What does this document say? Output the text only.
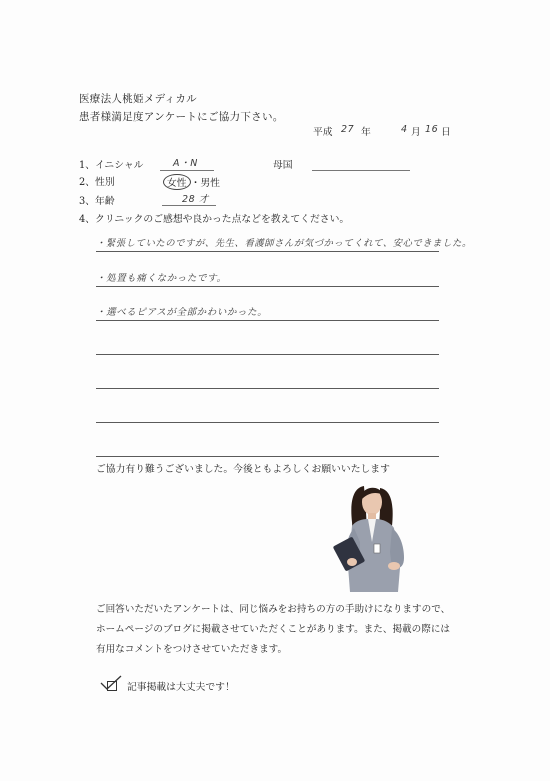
医療法人桃姫メディカル
患者様満足度アンケートにご協力下さい。
平成 27 年	4 月 16 日
1、イニシャル	A・N	母国
2、性別	女性 ・男性
3、年齢	28 才
4、クリニックのご感想や良かった点などを教えてください。
・緊張していたのですが、先生、看護師さんが気づかってくれて、安心できました。
・処置も痛くなかったです。
・選べるピアスが全部かわいかった。
ご協力有り難うございました。今後ともよろしくお願いいたします
ご回答いただいたアンケートは、同じ悩みをお持ちの方の手助けになりますので、ホームページのブログに掲載させていただくことがあります。また、掲載の際には有用なコメントをつけさせていただきます。
記事掲載は大丈夫です！
